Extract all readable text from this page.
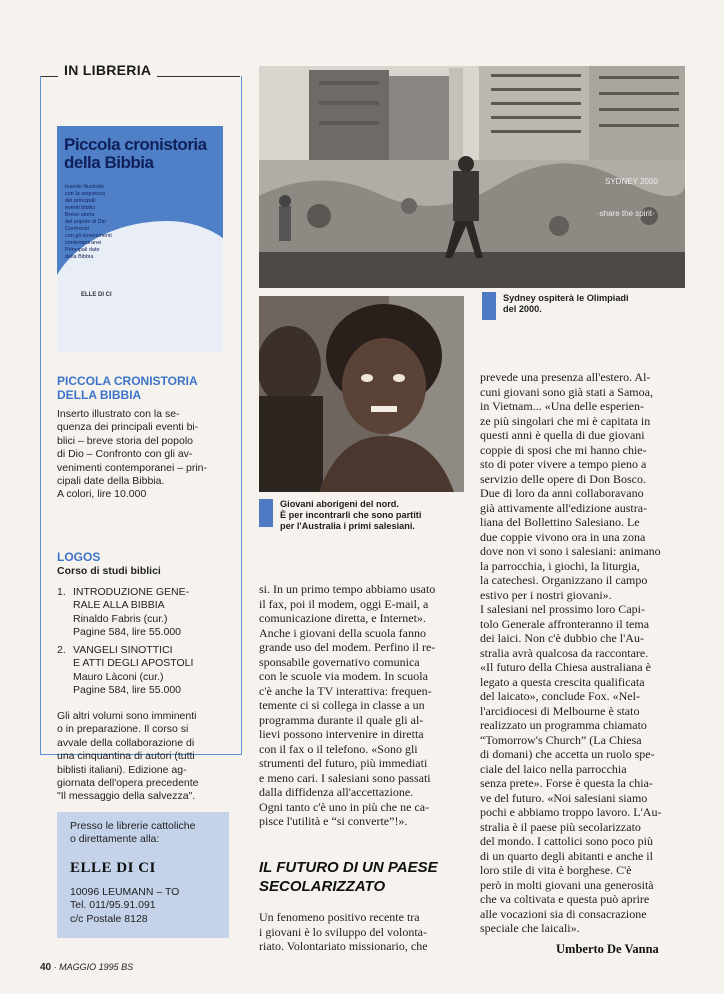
IN LIBRERIA
Piccola cronistoria
della Bibbia
Inserto illustrato
con la sequenza
dei principali
eventi biblici
Breve storia
del popolo di Dio
Confronto
con gli avvenimenti
contemporanei
Principali date
della Bibbia
ELLE DI CI
PICCOLA CRONISTORIA
DELLA BIBBIA
Inserto illustrato con la se-
quenza dei principali eventi bi-
blici – breve storia del popolo
di Dio – Confronto con gli av-
venimenti contemporanei – prin-
cipali date della Bibbia.
A colori, lire 10.000
LOGOS
Corso di studi biblici
1. INTRODUZIONE GENE-
RALE ALLA BIBBIA
Rinaldo Fabris (cur.)
Pagine 584, lire 55.000
2. VANGELI SINOTTICI
E ATTI DEGLI APOSTOLI
Mauro Làconi (cur.)
Pagine 584, lire 55.000
Gli altri volumi sono imminenti
o in preparazione. Il corso si
avvale della collaborazione di
una cinquantina di autori (tutti
biblisti italiani). Edizione ag-
giornata dell'opera precedente
"Il messaggio della salvezza".
Presso le librerie cattoliche
o direttamente alla:
ELLE DI CI
10096 LEUMANN – TO
Tel. 011/95.91.091
c/c Postale 8128
SYDNEY 2000
·share the spirit·
Sydney ospiterà le Olimpiadi
del 2000.
Giovani aborigeni del nord.
È per incontrarli che sono partiti
per l'Australia i primi salesiani.
si. In un primo tempo abbiamo usato
il fax, poi il modem, oggi E-mail, a
comunicazione diretta, e Internet».
Anche i giovani della scuola fanno
grande uso del modem. Perfino il re-
sponsabile governativo comunica
con le scuole via modem. In scuola
c'è anche la TV interattiva: frequen-
temente ci si collega in classe a un
programma durante il quale gli al-
lievi possono intervenire in diretta
con il fax o il telefono. «Sono gli
strumenti del futuro, più immediati
e meno cari. I salesiani sono passati
dalla diffidenza all'accettazione.
Ogni tanto c'è uno in più che ne ca-
pisce l'utilità e “si converte”!».
IL FUTURO DI UN PAESE
SECOLARIZZATO
Un fenomeno positivo recente tra
i giovani è lo sviluppo del volonta-
riato. Volontariato missionario, che
prevede una presenza all'estero. Al-
cuni giovani sono già stati a Samoa,
in Vietnam... «Una delle esperien-
ze più singolari che mi è capitata in
questi anni è quella di due giovani
coppie di sposi che mi hanno chie-
sto di poter vivere a tempo pieno a
servizio delle opere di Don Bosco.
Due di loro da anni collaboravano
già attivamente all'edizione austra-
liana del Bollettino Salesiano. Le
due coppie vivono ora in una zona
dove non vi sono i salesiani: animano
la parrocchia, i giochi, la liturgia,
la catechesi. Organizzano il campo
estivo per i nostri giovani».
I salesiani nel prossimo loro Capi-
tolo Generale affronteranno il tema
dei laici. Non c'è dubbio che l'Au-
stralia avrà qualcosa da raccontare.
«Il futuro della Chiesa australiana è
legato a questa crescita qualificata
del laicato», conclude Fox. «Nel-
l'arcidiocesi di Melbourne è stato
realizzato un programma chiamato
“Tomorrow's Church” (La Chiesa
di domani) che accetta un ruolo spe-
ciale del laico nella parrocchia
senza prete». Forse è questa la chia-
ve del futuro. «Noi salesiani siamo
pochi e abbiamo troppo lavoro. L'Au-
stralia è il paese più secolarizzato
del mondo. I cattolici sono poco più
di un quarto degli abitanti e anche il
loro stile di vita è borghese. C'è
però in molti giovani una generosità
che va coltivata e questa può aprire
alle vocazioni sia di consacrazione
speciale che laicali».
Umberto De Vanna
40 · MAGGIO 1995 BS
